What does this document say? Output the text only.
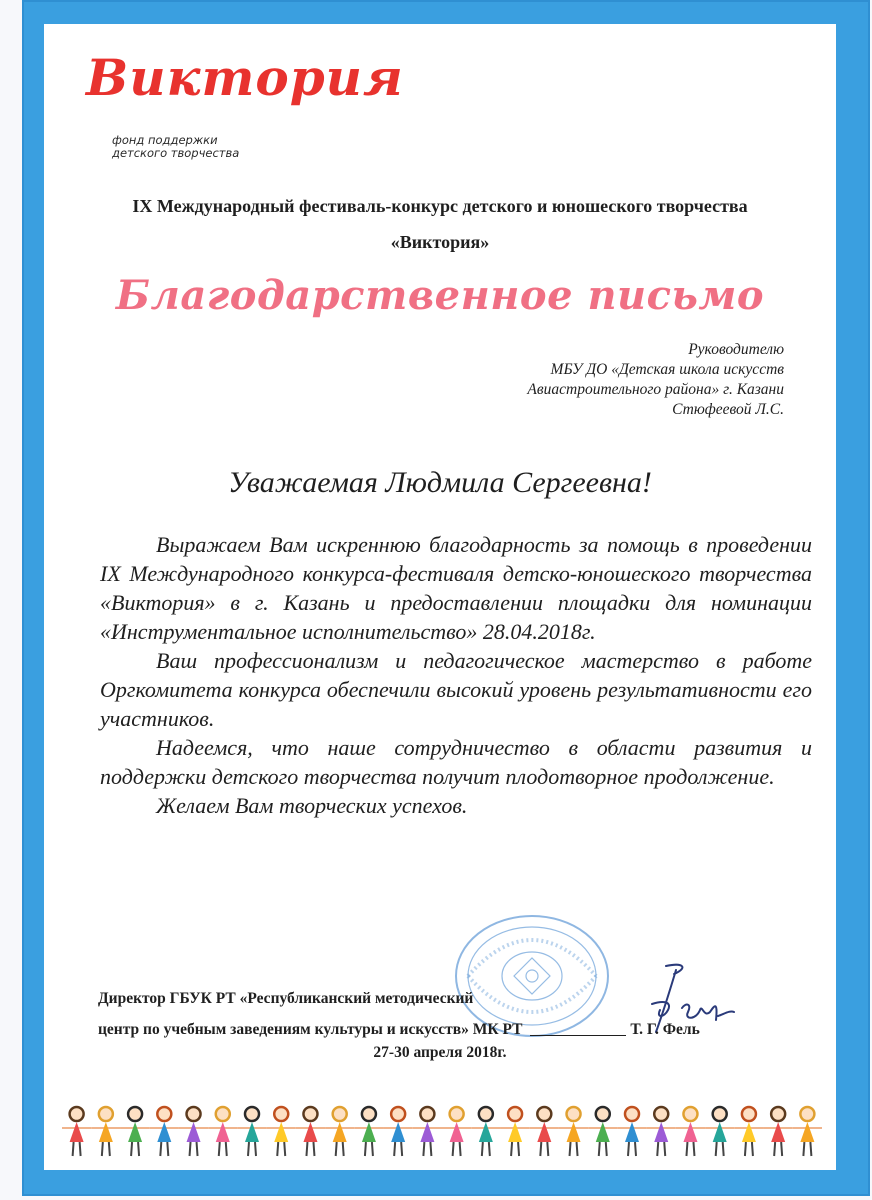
Виктория
фонд поддержки
детского творчества
IX Международный фестиваль-конкурс детского и юношеского творчества
«Виктория»
Благодарственное письмо
Руководителю
МБУ ДО «Детская школа искусств
Авиастроительного района» г. Казани
Стюфеевой Л.С.
Уважаемая Людмила Сергеевна!

Выражаем Вам искреннюю благодарность за помощь в проведении IX Международного конкурса-фестиваля детско-юношеского творчества «Виктория» в г. Казань и предоставлении площадки для номинации «Инструментальное исполнительство» 28.04.2018г.

Ваш профессионализм и педагогическое мастерство в работе Оргкомитета конкурса обеспечили высокий уровень результативности его участников.

Надеемся, что наше сотрудничество в области развития и поддержки детского творчества получит плодотворное продолжение.

Желаем Вам творческих успехов.

Директор ГБУК РТ «Республиканский методический
центр по учебным заведениям культуры и искусств» МК РТ	Т. Г. Фель
27-30 апреля 2018г.
